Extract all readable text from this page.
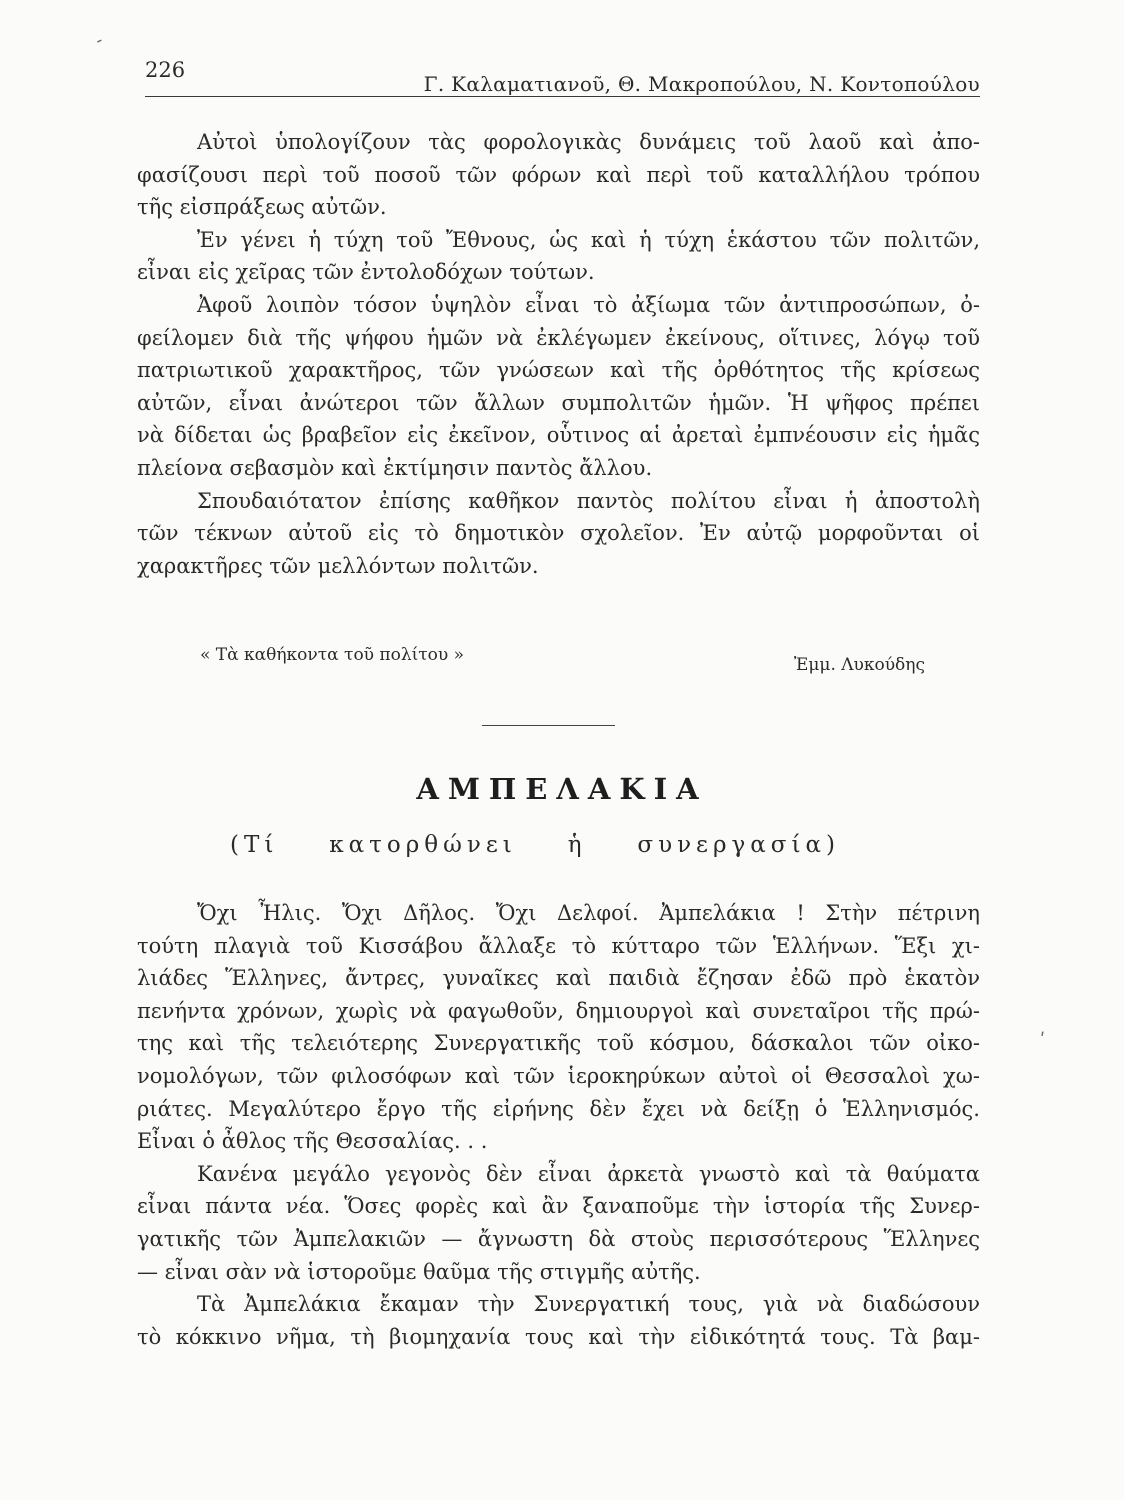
226
Γ. Καλαματιανοῦ, Θ. Μακροπούλου, Ν. Κοντοπούλου

Αὐτοὶ ὑπολογίζουν τὰς φορολογικὰς δυνάμεις τοῦ λαοῦ καὶ ἀπο-
φασίζουσι περὶ τοῦ ποσοῦ τῶν φόρων καὶ περὶ τοῦ καταλλήλου τρόπου
τῆς εἰσπράξεως αὐτῶν.

Ἐν γένει ἡ τύχη τοῦ Ἔθνους, ὡς καὶ ἡ τύχη ἑκάστου τῶν πολιτῶν,
εἶναι εἰς χεῖρας τῶν ἐντολοδόχων τούτων.

Ἀφοῦ λοιπὸν τόσον ὑψηλὸν εἶναι τὸ ἀξίωμα τῶν ἀντιπροσώπων, ὀ-
φείλομεν διὰ τῆς ψήφου ἡμῶν νὰ ἐκλέγωμεν ἐκείνους, οἵτινες, λόγῳ τοῦ
πατριωτικοῦ χαρακτῆρος, τῶν γνώσεων καὶ τῆς ὀρθότητος τῆς κρίσεως
αὐτῶν, εἶναι ἀνώτεροι τῶν ἄλλων συμπολιτῶν ἡμῶν. Ἡ ψῆφος πρέπει
νὰ δίδεται ὡς βραβεῖον εἰς ἐκεῖνον, οὗτινος αἱ ἀρεταὶ ἐμπνέουσιν εἰς ἡμᾶς
πλείονα σεβασμὸν καὶ ἐκτίμησιν παντὸς ἄλλου.

Σπουδαιότατον ἐπίσης καθῆκον παντὸς πολίτου εἶναι ἡ ἀποστολὴ
τῶν τέκνων αὐτοῦ εἰς τὸ δημοτικὸν σχολεῖον. Ἐν αὐτῷ μορφοῦνται οἱ
χαρακτῆρες τῶν μελλόντων πολιτῶν.

« Τὰ καθήκοντα τοῦ πολίτου »	Ἐμμ. Λυκούδης
ΑΜΠΕΛΑΚΙΑ
(Τί κατορθώνει ἡ συνεργασία)

Ὄχι Ἦλις. Ὄχι Δῆλος. Ὄχι Δελφοί. Ἀμπελάκια ! Στὴν πέτρινη
τούτη πλαγιὰ τοῦ Κισσάβου ἄλλαξε τὸ κύτταρο τῶν Ἑλλήνων. Ἕξι χι-
λιάδες Ἕλληνες, ἄντρες, γυναῖκες καὶ παιδιὰ ἔζησαν ἐδῶ πρὸ ἑκατὸν
πενήντα χρόνων, χωρὶς νὰ φαγωθοῦν, δημιουργοὶ καὶ συνεταῖροι τῆς πρώ-
της καὶ τῆς τελειότερης Συνεργατικῆς τοῦ κόσμου, δάσκαλοι τῶν οἰκο-
νομολόγων, τῶν φιλοσόφων καὶ τῶν ἱεροκηρύκων αὐτοὶ οἱ Θεσσαλοὶ χω-
ριάτες. Μεγαλύτερο ἔργο τῆς εἰρήνης δὲν ἔχει νὰ δείξῃ ὁ Ἑλληνισμός.
Εἶναι ὁ ἆθλος τῆς Θεσσαλίας. . .

Κανένα μεγάλο γεγονὸς δὲν εἶναι ἀρκετὰ γνωστὸ καὶ τὰ θαύματα
εἶναι πάντα νέα. Ὅσες φορὲς καὶ ἂν ξαναποῦμε τὴν ἱστορία τῆς Συνερ-
γατικῆς τῶν Ἀμπελακιῶν — ἄγνωστη δὰ στοὺς περισσότερους Ἕλληνες
— εἶναι σὰν νὰ ἱστοροῦμε θαῦμα τῆς στιγμῆς αὐτῆς.

Τὰ Ἀμπελάκια ἔκαμαν τὴν Συνεργατική τους, γιὰ νὰ διαδώσουν
τὸ κόκκινο νῆμα, τὴ βιομηχανία τους καὶ τὴν εἰδικότητά τους. Τὰ βαμ-

‐
ʹ
